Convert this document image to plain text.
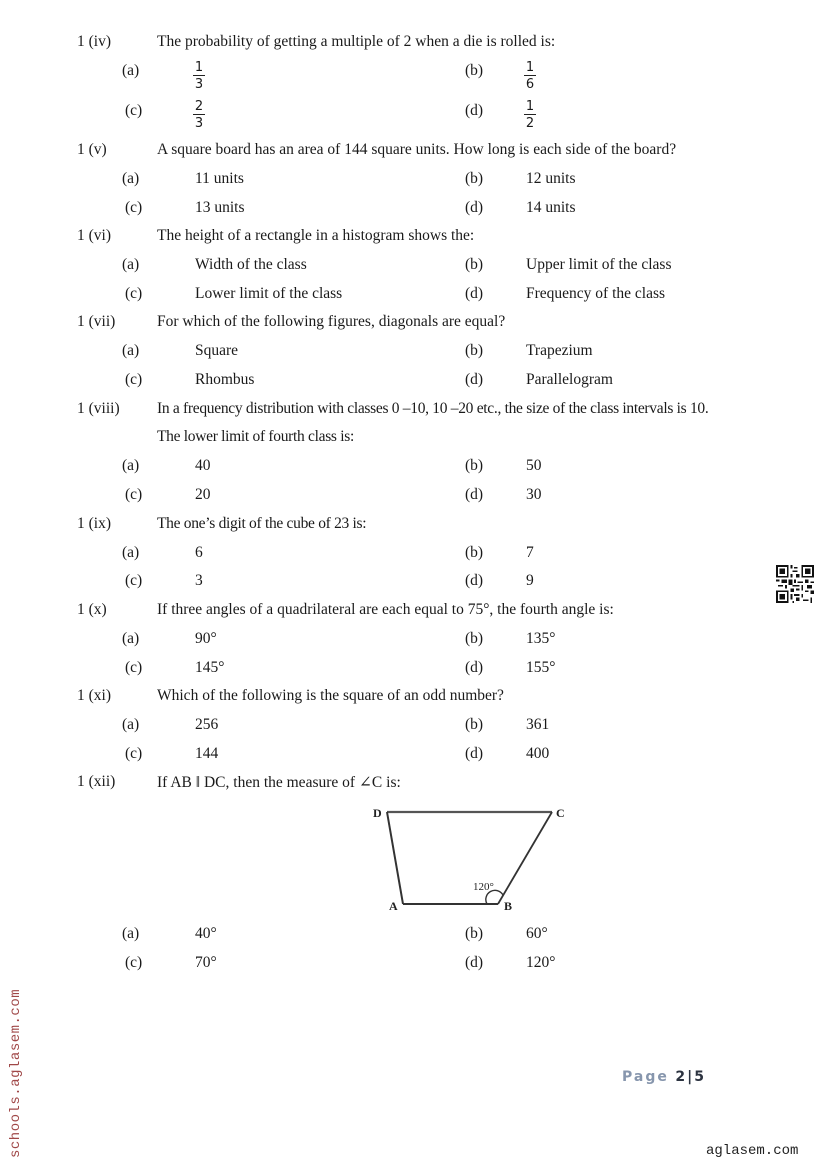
1 (iv)	The probability of getting a multiple of 2 when a die is rolled is:
(a)	$\frac{1}{3}$	(b)	$\frac{1}{6}$
(c)	$\frac{2}{3}$	(d)	$\frac{1}{2}$
1 (v)	A square board has an area of 144 square units. How long is each side of the board?
(a)	11 units	(b)	12 units
(c)	13 units	(d)	14 units
1 (vi)	The height of a rectangle in a histogram shows the:
(a)	Width of the class	(b)	Upper limit of the class
(c)	Lower limit of the class	(d)	Frequency of the class
1 (vii)	For which of the following figures, diagonals are equal?
(a)	Square	(b)	Trapezium
(c)	Rhombus	(d)	Parallelogram
1 (viii) In a frequency distribution with classes 0 –10, 10 –20 etc., the size of the class intervals is 10.
The lower limit of fourth class is:
(a)	40	(b)	50
(c)	20	(d)	30
1 (ix)	The one’s digit of the cube of 23 is:
(a)	6	(b)	7
(c)	3	(d)	9
1 (x)	If three angles of a quadrilateral are each equal to 75°, the fourth angle is:
(a)	90°	(b)	135°
(c)	145°	(d)	155°
1 (xi)	Which of the following is the square of an odd number?
(a)	256	(b)	361
(c)	144	(d)	400
1 (xii)	If AB ‖ DC, then the measure of ∠C is:
D	C
A	B
120°
(a)	40°	(b)	60°
(c)	70°	(d)	120°
schools.aglasem.com	Page 2|5
aglasem.com
